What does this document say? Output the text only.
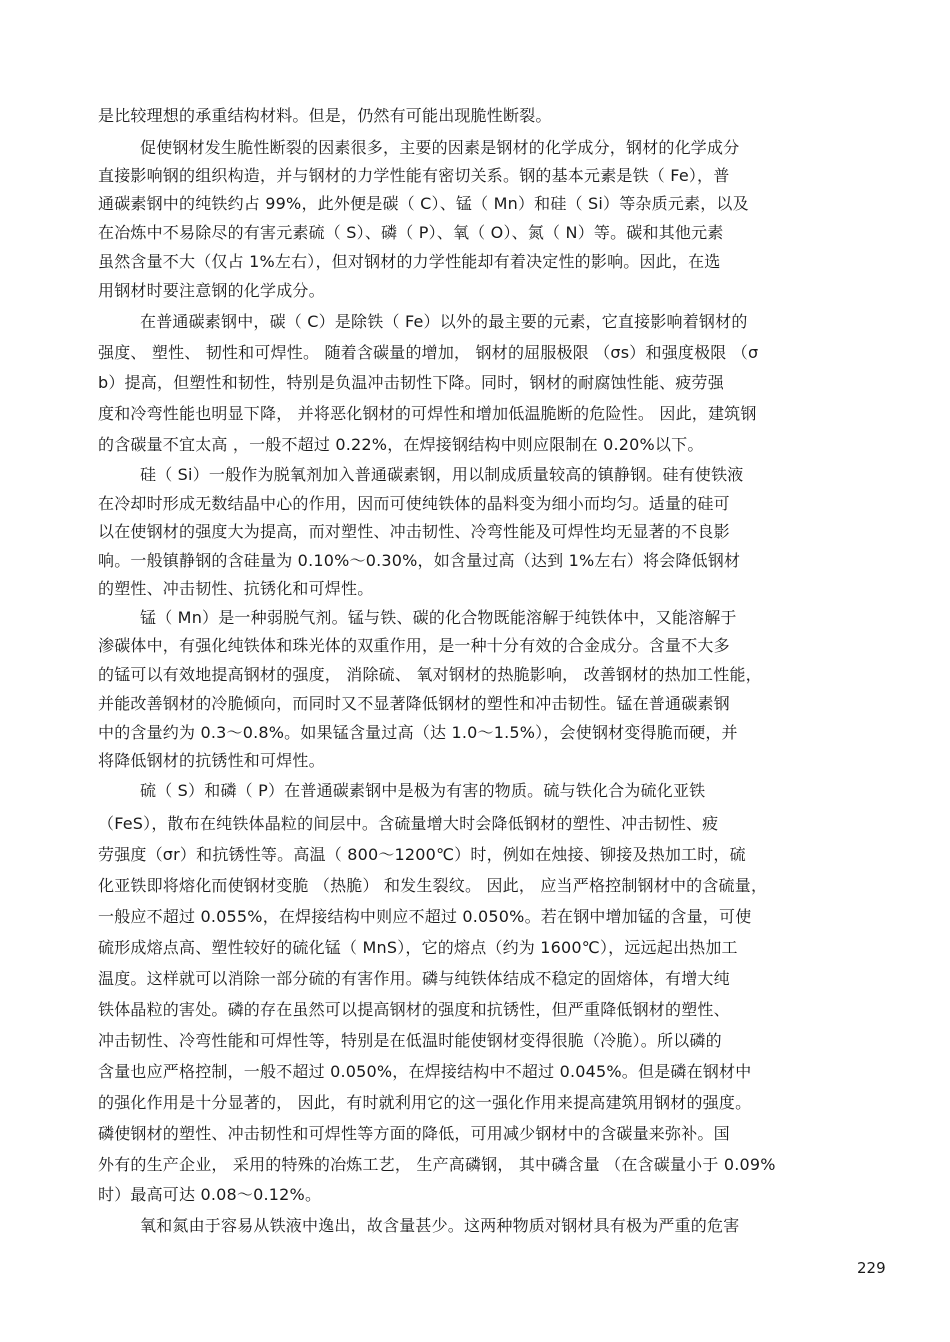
是比较理想的承重结构材料。但是，仍然有可能出现脆性断裂。
促使钢材发生脆性断裂的因素很多，主要的因素是钢材的化学成分，钢材的化学成分
直接影响钢的组织构造，并与钢材的力学性能有密切关系。钢的基本元素是铁（ Fe），普
通碳素钢中的纯铁约占 99%，此外便是碳（ C）、锰（ Mn）和硅（ Si）等杂质元素，以及
在冶炼中不易除尽的有害元素硫（ S）、磷（ P）、氧（ O）、氮（ N）等。碳和其他元素
虽然含量不大（仅占 1%左右），但对钢材的力学性能却有着决定性的影响。因此，在选
用钢材时要注意钢的化学成分。
在普通碳素钢中，碳（ C）是除铁（ Fe）以外的最主要的元素，它直接影响着钢材的
强度、 塑性、 韧性和可焊性。 随着含碳量的增加， 钢材的屈服极限 （σs）和强度极限 （σ
b）提高，但塑性和韧性，特别是负温冲击韧性下降。同时，钢材的耐腐蚀性能、疲劳强
度和冷弯性能也明显下降， 并将恶化钢材的可焊性和增加低温脆断的危险性。 因此，建筑钢
的含碳量不宜太高 ，一般不超过 0.22%，在焊接钢结构中则应限制在 0.20%以下。
硅（ Si）一般作为脱氧剂加入普通碳素钢，用以制成质量较高的镇静钢。硅有使铁液
在冷却时形成无数结晶中心的作用，因而可使纯铁体的晶料变为细小而均匀。适量的硅可
以在使钢材的强度大为提高，而对塑性、冲击韧性、冷弯性能及可焊性均无显著的不良影
响。一般镇静钢的含硅量为 0.10%～0.30%，如含量过高（达到 1%左右）将会降低钢材
的塑性、冲击韧性、抗锈化和可焊性。
锰（ Mn）是一种弱脱气剂。锰与铁、碳的化合物既能溶解于纯铁体中，又能溶解于
渗碳体中，有强化纯铁体和珠光体的双重作用，是一种十分有效的合金成分。含量不大多
的锰可以有效地提高钢材的强度， 消除硫、 氧对钢材的热脆影响， 改善钢材的热加工性能，
并能改善钢材的冷脆倾向，而同时又不显著降低钢材的塑性和冲击韧性。锰在普通碳素钢
中的含量约为 0.3～0.8%。如果锰含量过高（达 1.0～1.5%），会使钢材变得脆而硬，并
将降低钢材的抗锈性和可焊性。
硫（ S）和磷（ P）在普通碳素钢中是极为有害的物质。硫与铁化合为硫化亚铁
（FeS），散布在纯铁体晶粒的间层中。含硫量增大时会降低钢材的塑性、冲击韧性、疲
劳强度（σr）和抗锈性等。高温（ 800～1200℃）时，例如在烛接、铆接及热加工时，硫
化亚铁即将熔化而使钢材变脆 （热脆） 和发生裂纹。 因此， 应当严格控制钢材中的含硫量，
一般应不超过 0.055%，在焊接结构中则应不超过 0.050%。若在钢中增加锰的含量，可使
硫形成熔点高、塑性较好的硫化锰（ MnS），它的熔点（约为 1600℃），远远起出热加工
温度。这样就可以消除一部分硫的有害作用。磷与纯铁体结成不稳定的固熔体，有增大纯
铁体晶粒的害处。磷的存在虽然可以提高钢材的强度和抗锈性，但严重降低钢材的塑性、
冲击韧性、冷弯性能和可焊性等，特别是在低温时能使钢材变得很脆（冷脆）。所以磷的
含量也应严格控制，一般不超过 0.050%，在焊接结构中不超过 0.045%。但是磷在钢材中
的强化作用是十分显著的， 因此，有时就利用它的这一强化作用来提高建筑用钢材的强度。
磷使钢材的塑性、冲击韧性和可焊性等方面的降低，可用减少钢材中的含碳量来弥补。国
外有的生产企业， 采用的特殊的冶炼工艺， 生产高磷钢， 其中磷含量 （在含碳量小于 0.09%
时）最高可达 0.08～0.12%。
氧和氮由于容易从铁液中逸出，故含量甚少。这两种物质对钢材具有极为严重的危害
229
